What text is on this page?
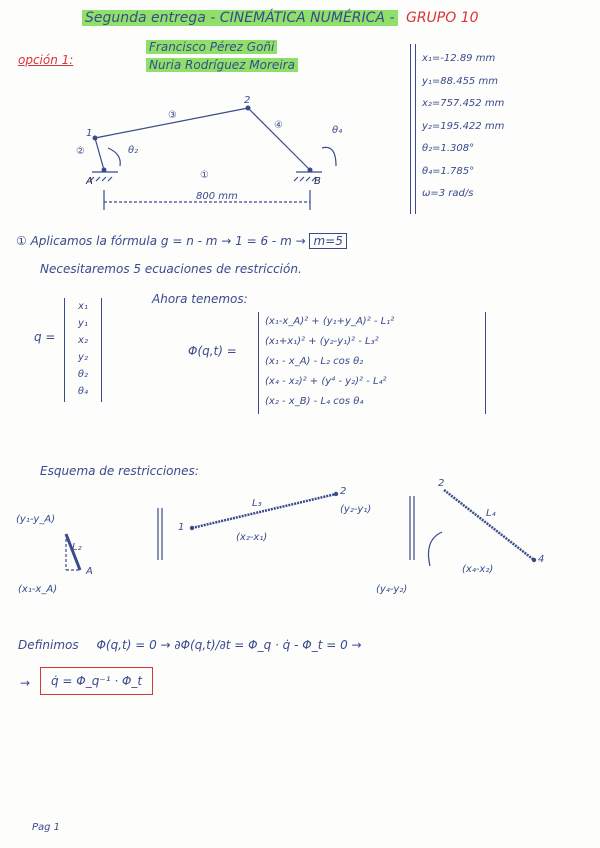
Segunda entrega - CINEMÁTICA NUMÉRICA - GRUPO 10
Francisco Pérez Goñi
Nuria Rodríguez Moreira
opción 1:	x₁=-12.89 mm
y₁=88.455 mm
x₂=757.452 mm
y₂=195.422 mm
θ₂=1.308°
θ₄=1.785°
ω=3 rad/s
1
2
A	B
③
②
④
①
θ₂
θ₄
800 mm
① Aplicamos la fórmula g = n - m → 1 = 6 - m → m=5
Necesitaremos 5 ecuaciones de restricción.
q =
x₁
y₁
x₂
y₂
θ₂
θ₄
Ahora tenemos:
Φ(q,t) =
(x₁-x_A)² + (y₁+y_A)² - L₁²
(x₁+x₁)² + (y₂-y₁)² - L₃²
(x₁ - x_A) - L₂ cos θ₂
(x₄ - x₂)² + (y⁴ - y₂)² - L₄²
(x₂ - x_B) - L₄ cos θ₄
Esquema de restricciones:
(y₁-y_A)
L₂
A
(x₁-x_A)
1
2
L₃
(y₂-y₁)
(x₂-x₁)
2
L₄
4
(x₄-x₂)
(y₄-y₂)
Definimos Φ(q,t) = 0 → ∂Φ(q,t)/∂t = Φ_q · q̇ - Φ_t = 0 →
→	q̇ = Φ_q⁻¹ · Φ_t
Pag 1
